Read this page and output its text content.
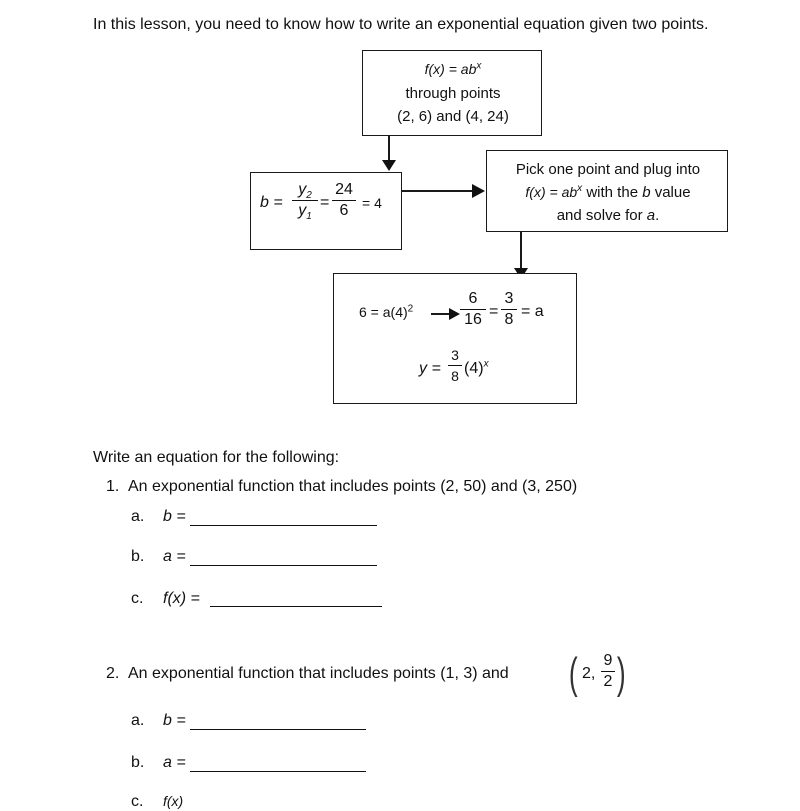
In this lesson, you need to know how to write an exponential equation given two points.
$f(x) = ab^x$
through points
(2, 6) and (4, 24)
b =
$y_2$
$y_1$
=
24
6 = 4
Pick one point and plug into
$f(x) = ab^x$ with the b value
and solve for a.
$6 = a(4)^2$
6
16 =
3
8 = a
y =
3
8 $(4)^x$
Write an equation for the following:
1. An exponential function that includes points (2, 50) and (3, 250)
a. b =
b. a =
c. f(x) =
2. An exponential function that includes points (1, 3) and ( 2,
9
2 )
a. b =
b. a =
c. f(x)
